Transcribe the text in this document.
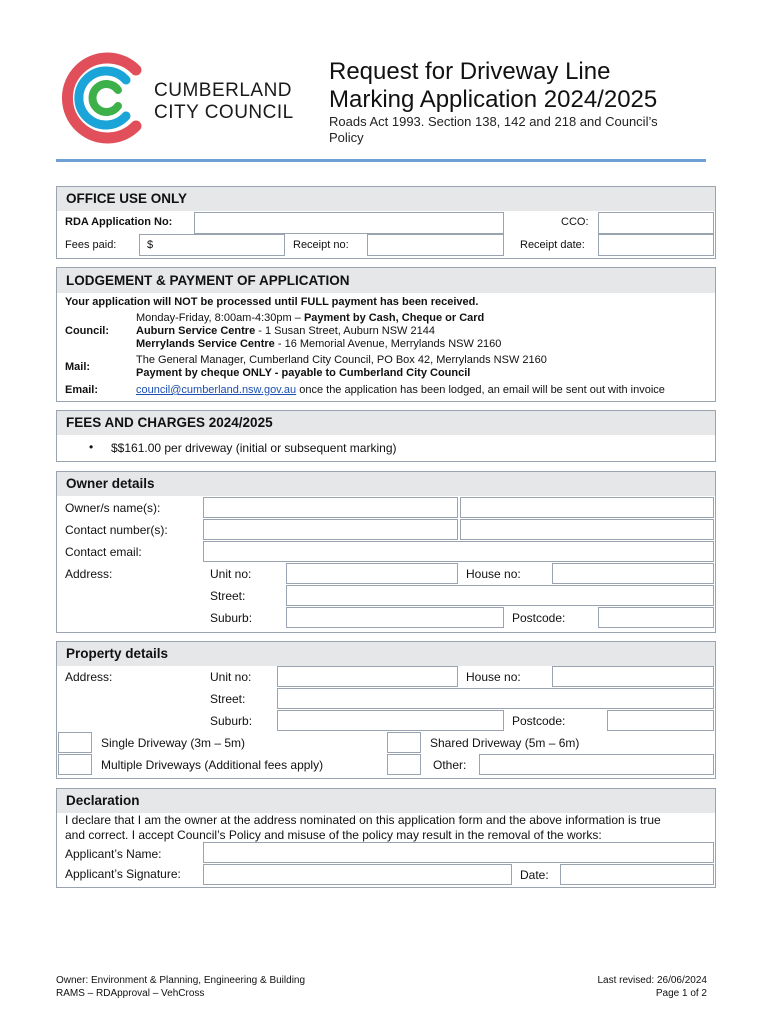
CUMBERLAND
CITY COUNCIL
Request for Driveway Line
Marking Application 2024/2025
Roads Act 1993. Section 138, 142 and 218 and Council’s
Policy
OFFICE USE ONLY
RDA Application No:	CCO:
Fees paid:	$	Receipt no:	Receipt date:
LODGEMENT & PAYMENT OF APPLICATION
Your application will NOT be processed until FULL payment has been received.
Council:
Monday-Friday, 8:00am-4:30pm – Payment by Cash, Cheque or Card
Auburn Service Centre - 1 Susan Street, Auburn NSW 2144
Merrylands Service Centre - 16 Memorial Avenue, Merrylands NSW 2160
Mail:
The General Manager, Cumberland City Council, PO Box 42, Merrylands NSW 2160
Payment by cheque ONLY - payable to Cumberland City Council
Email:	council@cumberland.nsw.gov.au once the application has been lodged, an email will be sent out with invoice
FEES AND CHARGES 2024/2025
• $$161.00 per driveway (initial or subsequent marking)
Owner details
Owner/s name(s):
Contact number(s):
Contact email:
Address:	Unit no:	House no:
Street:
Suburb:	Postcode:
Property details
Address:	Unit no:	House no:
Street:
Suburb:	Postcode:
Single Driveway (3m – 5m)	Shared Driveway (5m – 6m)
Multiple Driveways (Additional fees apply)	Other:
Declaration
I declare that I am the owner at the address nominated on this application form and the above information is true
and correct. I accept Council’s Policy and misuse of the policy may result in the removal of the works:
Applicant’s Name:
Applicant’s Signature:	Date:
Owner: Environment & Planning, Engineering & Building
RAMS – RDApproval – VehCross
Last revised: 26/06/2024
Page 1 of 2
